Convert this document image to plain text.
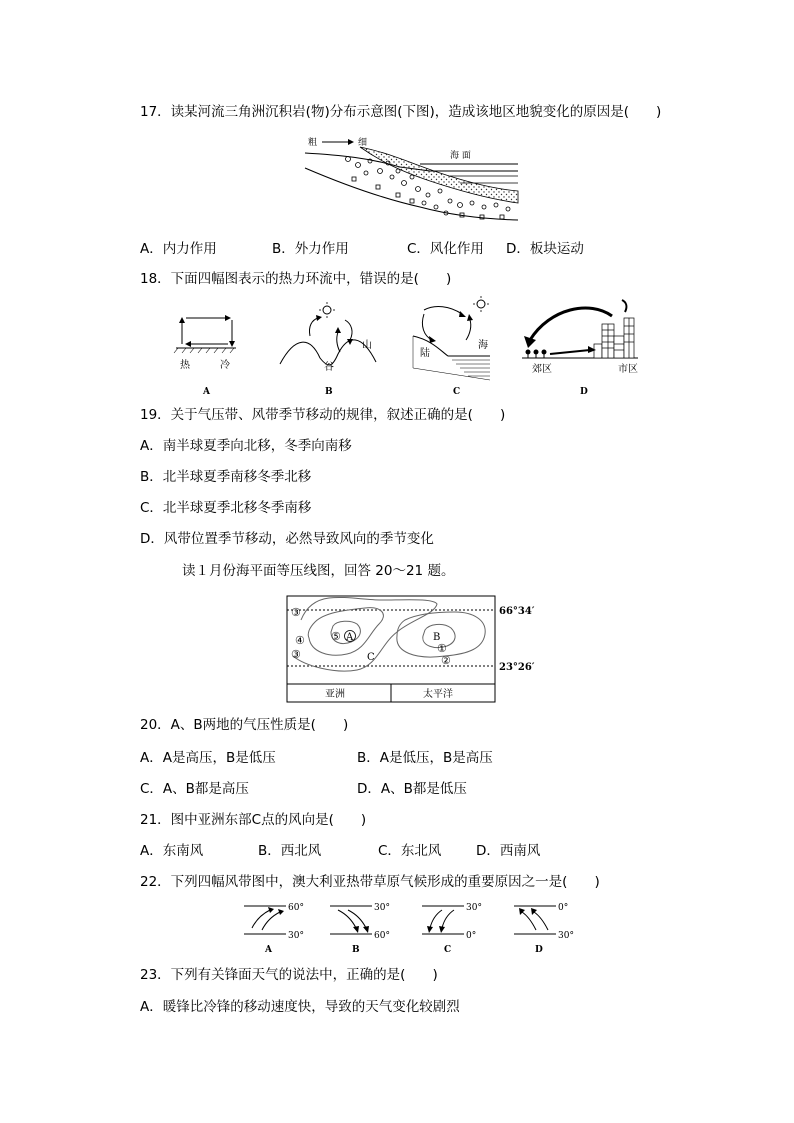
17．读某河流三角洲沉积岩(物)分布示意图(下图)，造成该地区地貌变化的原因是(　　)
粗	细
海 面
A．内力作用	B．外力作用	C．风化作用 D．板块运动
18．下面四幅图表示的热力环流中，错误的是(　　)
热	冷
A
山
谷
B
陆
海
C
郊区	市区
D
19．关于气压带、风带季节移动的规律，叙述正确的是(　　)
A．南半球夏季向北移，冬季向南移
B．北半球夏季南移冬季北移
C．北半球夏季北移冬季南移
D．风带位置季节移动，必然导致风向的季节变化
读１月份海平面等压线图，回答 20～21 题。
③
④
③
⑤ A	B
①
②
C
66°34′
23°26′
亚洲	太平洋
20．A、B两地的气压性质是(　　)
A．A是高压，B是低压	B．A是低压，B是高压
C．A、B都是高压	D．A、B都是低压
21．图中亚洲东部C点的风向是(　　)
A．东南风	B．西北风	C．东北风	D．西南风
22．下列四幅风带图中，澳大利亚热带草原气候形成的重要原因之一是(　　)
60°
30°
A
30°
60°
B
30°
0°
C
0°
30°
D
23．下列有关锋面天气的说法中，正确的是(　　)
A．暖锋比冷锋的移动速度快，导致的天气变化较剧烈
